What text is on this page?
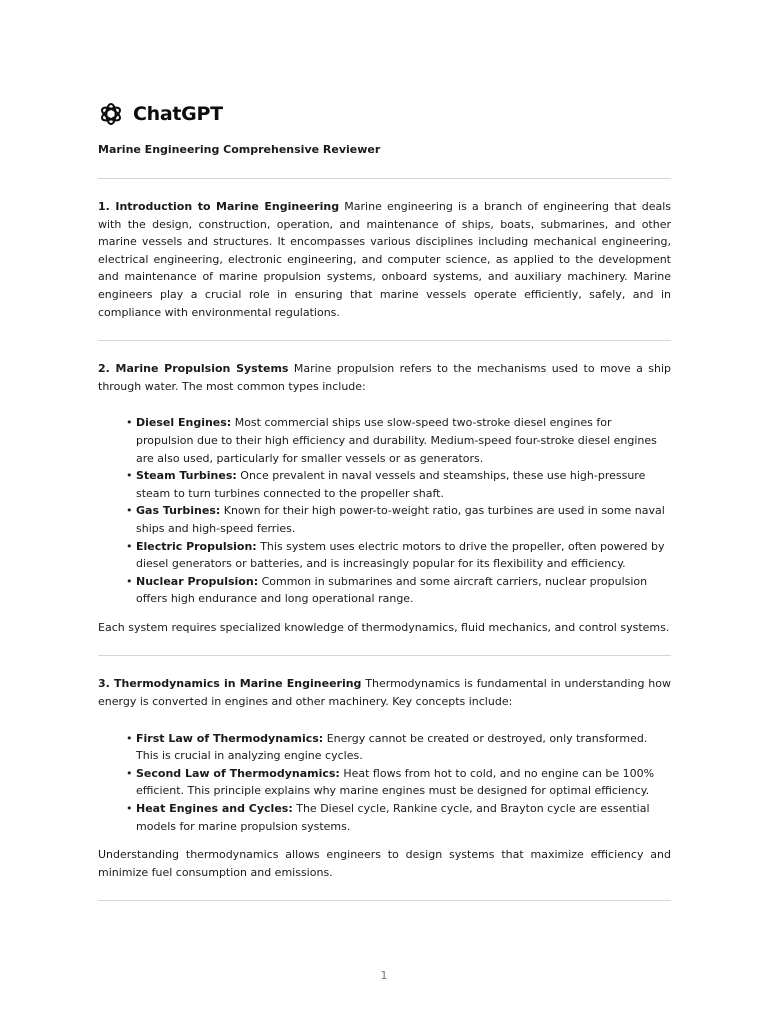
ChatGPT
Marine Engineering Comprehensive Reviewer

1. Introduction to Marine Engineering Marine engineering is a branch of engineering that deals with the design, construction, operation, and maintenance of ships, boats, submarines, and other marine vessels and structures. It encompasses various disciplines including mechanical engineering, electrical engineering, electronic engineering, and computer science, as applied to the development and maintenance of marine propulsion systems, onboard systems, and auxiliary machinery. Marine engineers play a crucial role in ensuring that marine vessels operate efficiently, safely, and in compliance with environmental regulations.

2. Marine Propulsion Systems Marine propulsion refers to the mechanisms used to move a ship through water. The most common types include:

• Diesel Engines: Most commercial ships use slow-speed two-stroke diesel engines for propulsion due to their high efficiency and durability. Medium-speed four-stroke diesel engines are also used, particularly for smaller vessels or as generators.
• Steam Turbines: Once prevalent in naval vessels and steamships, these use high-pressure steam to turn turbines connected to the propeller shaft.
• Gas Turbines: Known for their high power-to-weight ratio, gas turbines are used in some naval ships and high-speed ferries.
• Electric Propulsion: This system uses electric motors to drive the propeller, often powered by diesel generators or batteries, and is increasingly popular for its flexibility and efficiency.
• Nuclear Propulsion: Common in submarines and some aircraft carriers, nuclear propulsion offers high endurance and long operational range.

Each system requires specialized knowledge of thermodynamics, fluid mechanics, and control systems.

3. Thermodynamics in Marine Engineering Thermodynamics is fundamental in understanding how energy is converted in engines and other machinery. Key concepts include:

• First Law of Thermodynamics: Energy cannot be created or destroyed, only transformed. This is crucial in analyzing engine cycles.
• Second Law of Thermodynamics: Heat flows from hot to cold, and no engine can be 100% efficient. This principle explains why marine engines must be designed for optimal efficiency.
• Heat Engines and Cycles: The Diesel cycle, Rankine cycle, and Brayton cycle are essential models for marine propulsion systems.

Understanding thermodynamics allows engineers to design systems that maximize efficiency and minimize fuel consumption and emissions.

1
